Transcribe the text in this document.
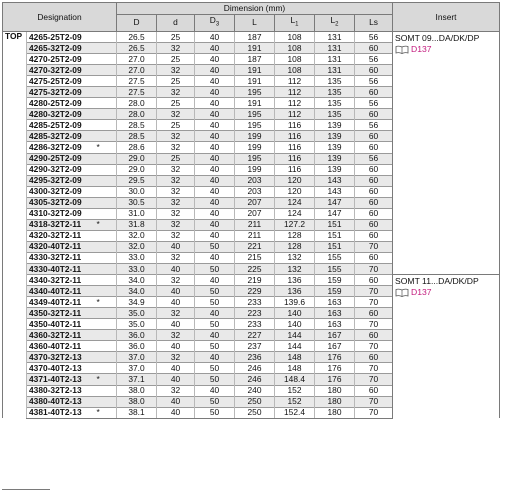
Designation			Dimension (mm)							Insert
			D	d	$D_3$	L	$L_1$	$L_2$	Ls	
TOP	4265-25T2-09		26.5	25	40	187	108	131	56	SOMT 09...DA/DK/DP
D137

	4265-32T2-09		26.5	32	40	191	108	131	60	
	4270-25T2-09		27.0	25	40	187	108	131	56	
	4270-32T2-09		27.0	32	40	191	108	131	60	
	4275-25T2-09		27.5	25	40	191	112	135	56	
	4275-32T2-09		27.5	32	40	195	112	135	60	
	4280-25T2-09		28.0	25	40	191	112	135	56	
	4280-32T2-09		28.0	32	40	195	112	135	60	
	4285-25T2-09		28.5	25	40	195	116	139	56	
	4285-32T2-09		28.5	32	40	199	116	139	60	
	4286-32T2-09	*	28.6	32	40	199	116	139	60	
	4290-25T2-09		29.0	25	40	195	116	139	56	
	4290-32T2-09		29.0	32	40	199	116	139	60	
	4295-32T2-09		29.5	32	40	203	120	143	60	
	4300-32T2-09		30.0	32	40	203	120	143	60	
	4305-32T2-09		30.5	32	40	207	124	147	60	
	4310-32T2-09		31.0	32	40	207	124	147	60	
	4318-32T2-11	*	31.8	32	40	211	127.2	151	60	
	4320-32T2-11		32.0	32	40	211	128	151	60	
	4320-40T2-11		32.0	40	50	221	128	151	70	
	4330-32T2-11		33.0	32	40	215	132	155	60	
	4330-40T2-11		33.0	40	50	225	132	155	70	
	4340-32T2-11		34.0	32	40	219	136	159	60	SOMT 11...DA/DK/DP
D137

	4340-40T2-11		34.0	40	50	229	136	159	70	
	4349-40T2-11	*	34.9	40	50	233	139.6	163	70	
	4350-32T2-11		35.0	32	40	223	140	163	60	
	4350-40T2-11		35.0	40	50	233	140	163	70	
	4360-32T2-11		36.0	32	40	227	144	167	60	
	4360-40T2-11		36.0	40	50	237	144	167	70	
	4370-32T2-13		37.0	32	40	236	148	176	60	
	4370-40T2-13		37.0	40	50	246	148	176	70	
	4371-40T2-13	*	37.1	40	50	246	148.4	176	70	
	4380-32T2-13		38.0	32	40	240	152	180	60	
	4380-40T2-13		38.0	40	50	250	152	180	70	
	4381-40T2-13	*	38.1	40	50	250	152.4	180	70	
